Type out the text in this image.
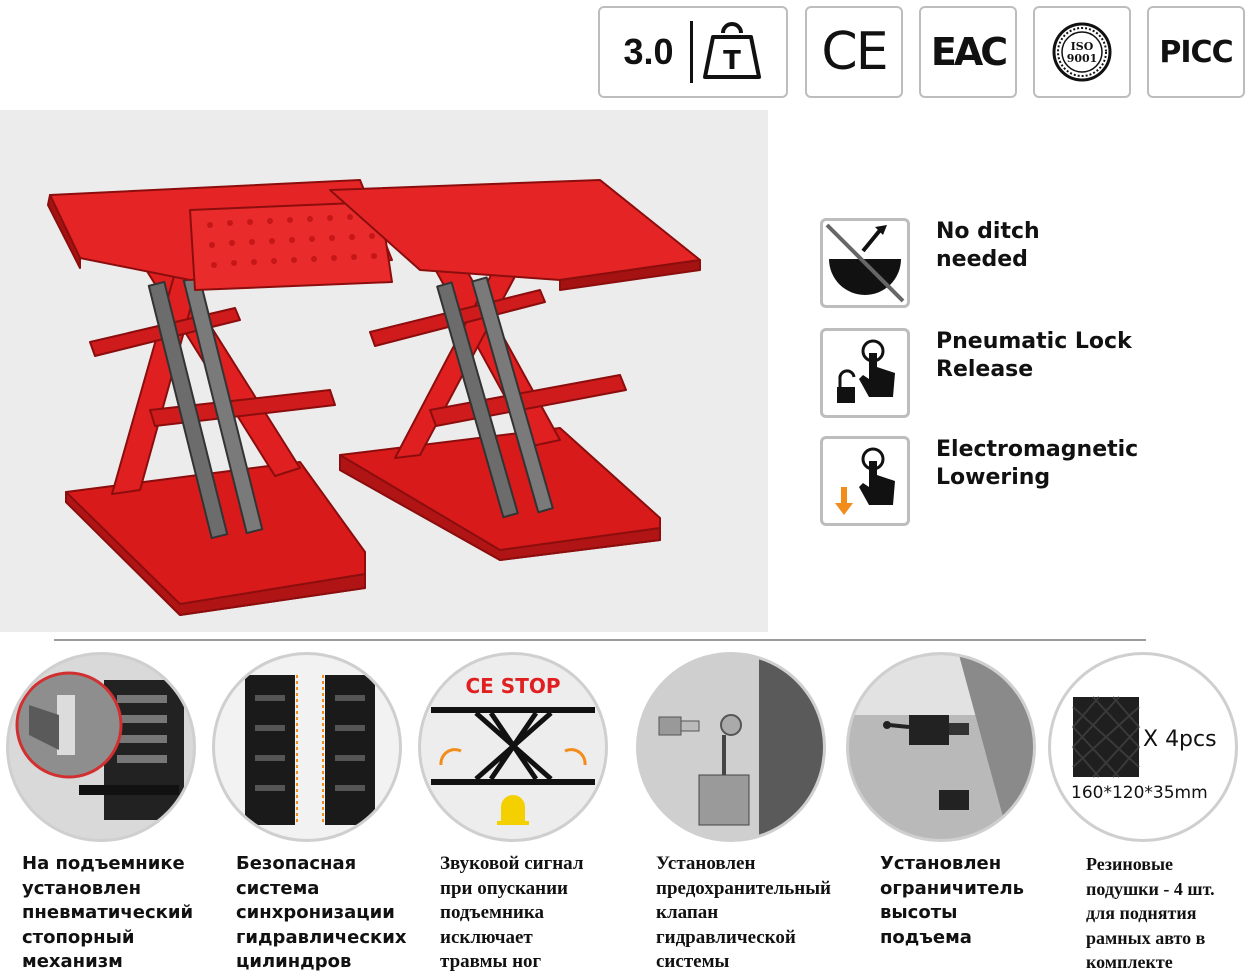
3.0 T CE EAC	ISO
9001 PICC
No ditch
needed
Pneumatic Lock
Release
Electromagnetic
Lowering
На подъемнике
установлен
пневматический
стопорный
механизм
Безопасная
система
синхронизации
гидравлических
цилиндров
CE STOP
Звуковой сигнал
при опускании
подъемника
исключает
травмы ног
Установлен
предохранительный
клапан
гидравлической
системы
Установлен
ограничитель
высоты
подъема
X 4pcs
160*120*35mm
Резиновые
подушки - 4 шт.
для поднятия
рамных авто в
комплекте
